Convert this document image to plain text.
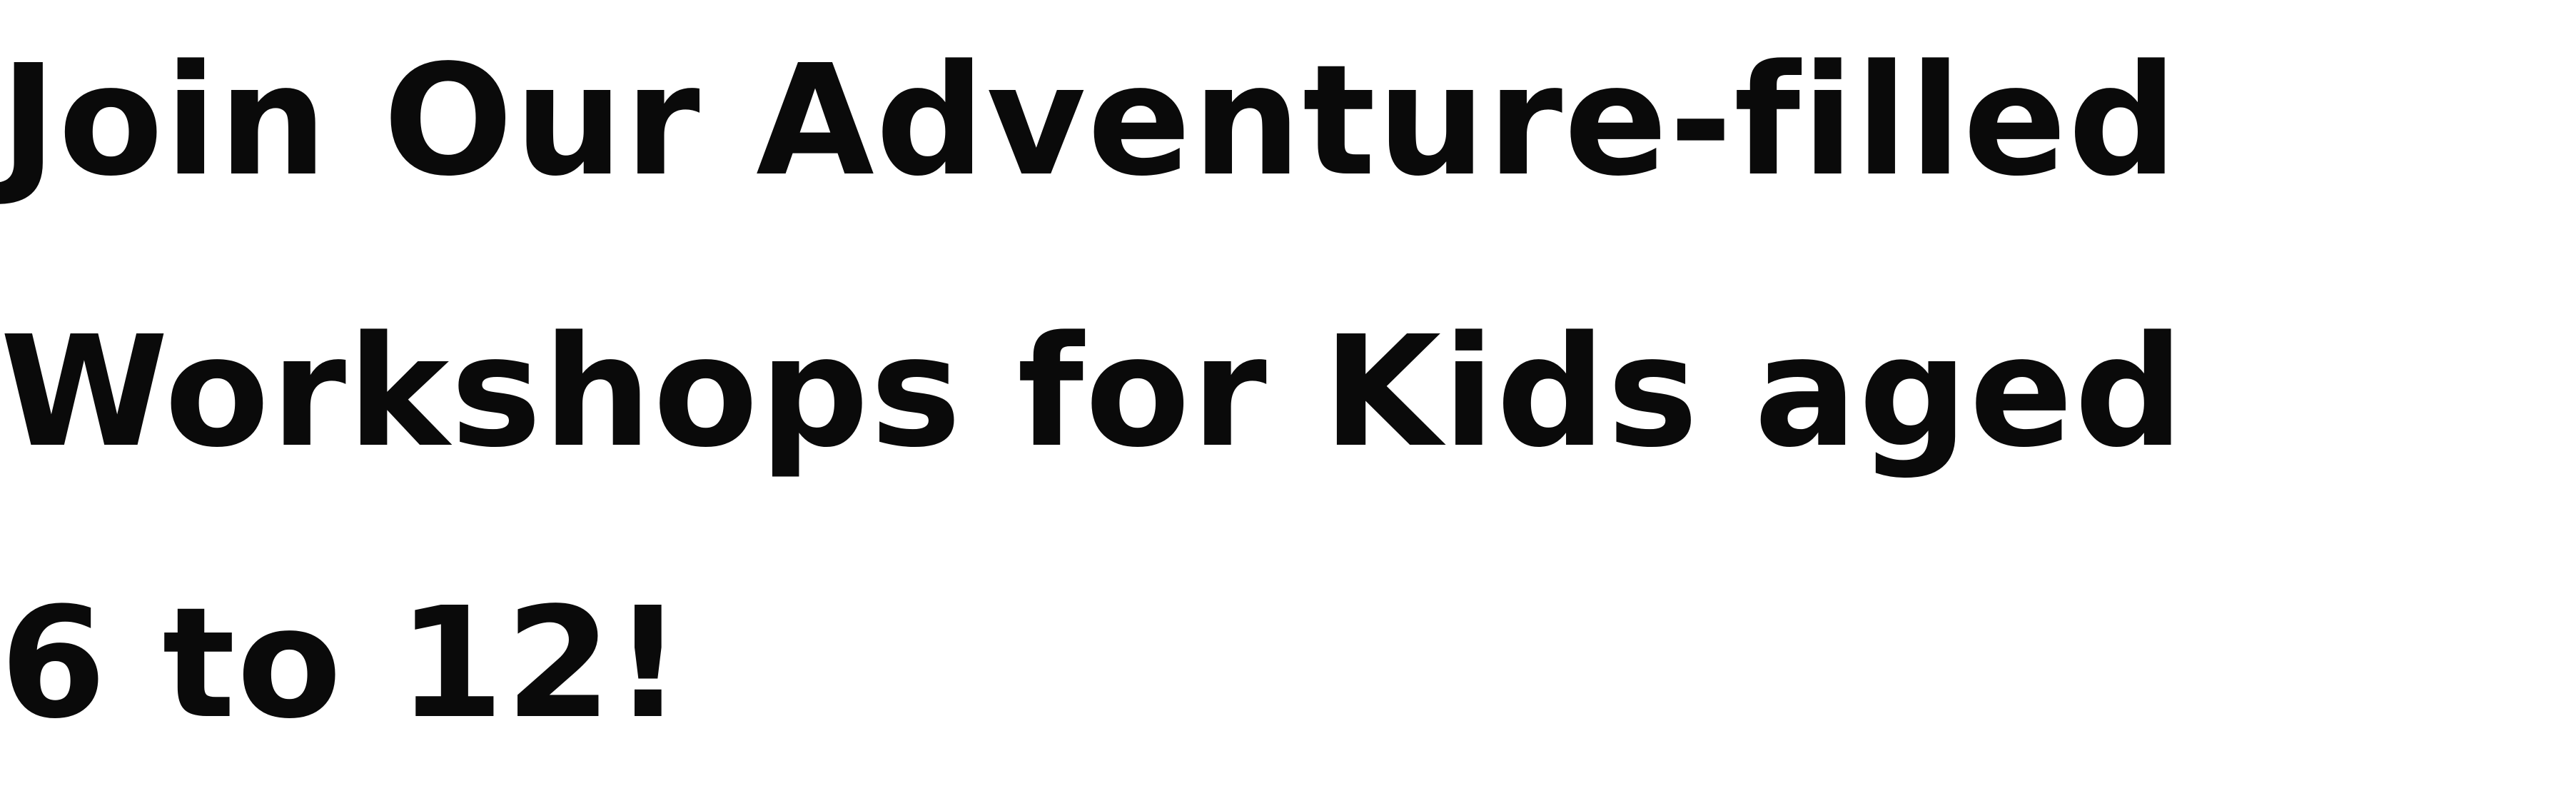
Join Our Adventure-filled
Workshops for Kids aged
6 to 12!
